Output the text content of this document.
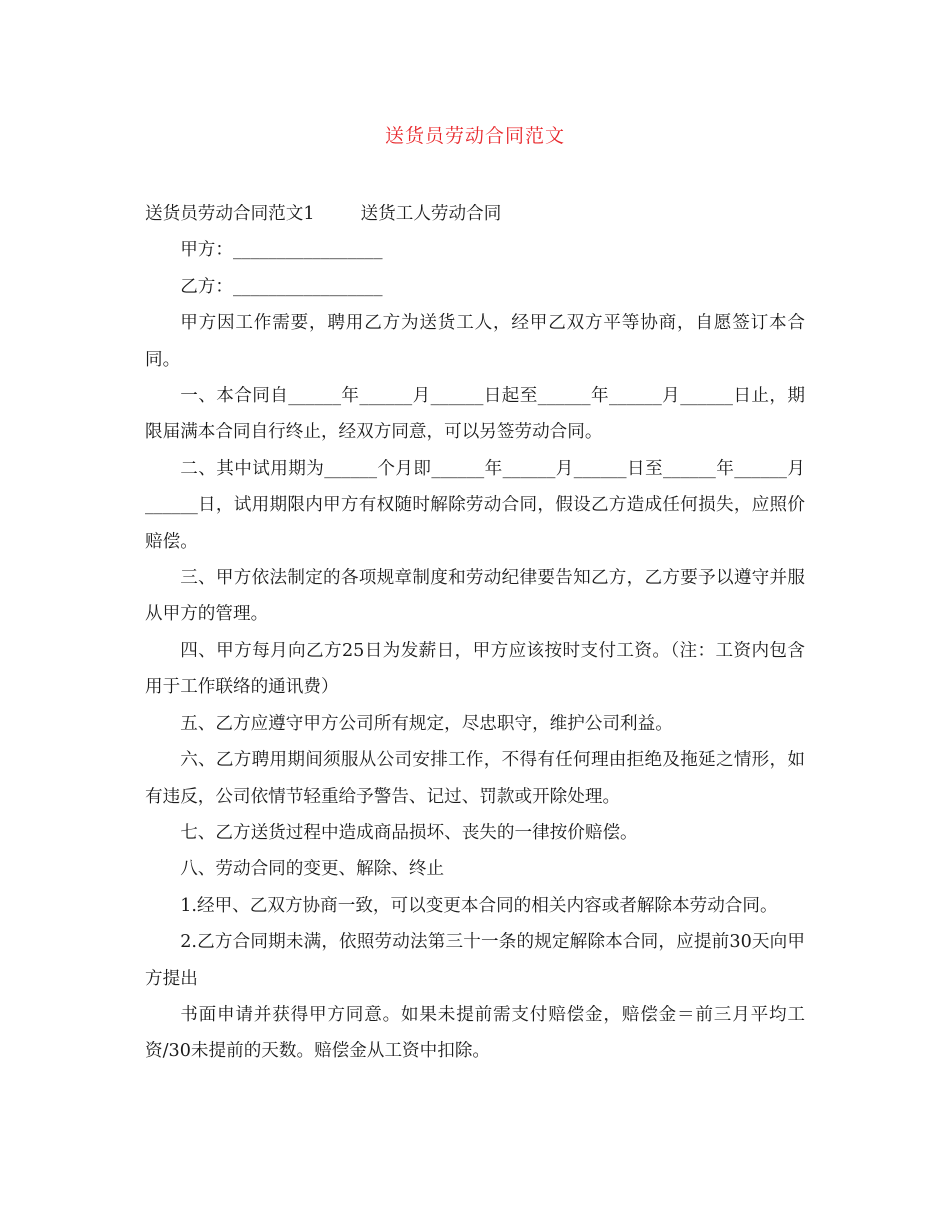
送货员劳动合同范文

送货员劳动合同范文1	送货工人劳动合同

甲方：_________________

乙方：_________________

甲方因工作需要，聘用乙方为送货工人，经甲乙双方平等协商，自愿签订本合同。

一、本合同自______年______月______日起至______年______月______日止，期限届满本合同自行终止，经双方同意，可以另签劳动合同。

二、其中试用期为______个月即______年______月______日至______年______月______日，试用期限内甲方有权随时解除劳动合同，假设乙方造成任何损失，应照价赔偿。

三、甲方依法制定的各项规章制度和劳动纪律要告知乙方，乙方要予以遵守并服从甲方的管理。

四、甲方每月向乙方25日为发薪日，甲方应该按时支付工资。（注：工资内包含用于工作联络的通讯费）

五、乙方应遵守甲方公司所有规定，尽忠职守，维护公司利益。

六、乙方聘用期间须服从公司安排工作，不得有任何理由拒绝及拖延之情形，如有违反，公司依情节轻重给予警告、记过、罚款或开除处理。

七、乙方送货过程中造成商品损坏、丧失的一律按价赔偿。

八、劳动合同的变更、解除、终止

1.经甲、乙双方协商一致，可以变更本合同的相关内容或者解除本劳动合同。

2.乙方合同期未满，依照劳动法第三十一条的规定解除本合同，应提前30天向甲方提出

书面申请并获得甲方同意。如果未提前需支付赔偿金，赔偿金＝前三月平均工资/30未提前的天数。赔偿金从工资中扣除。
